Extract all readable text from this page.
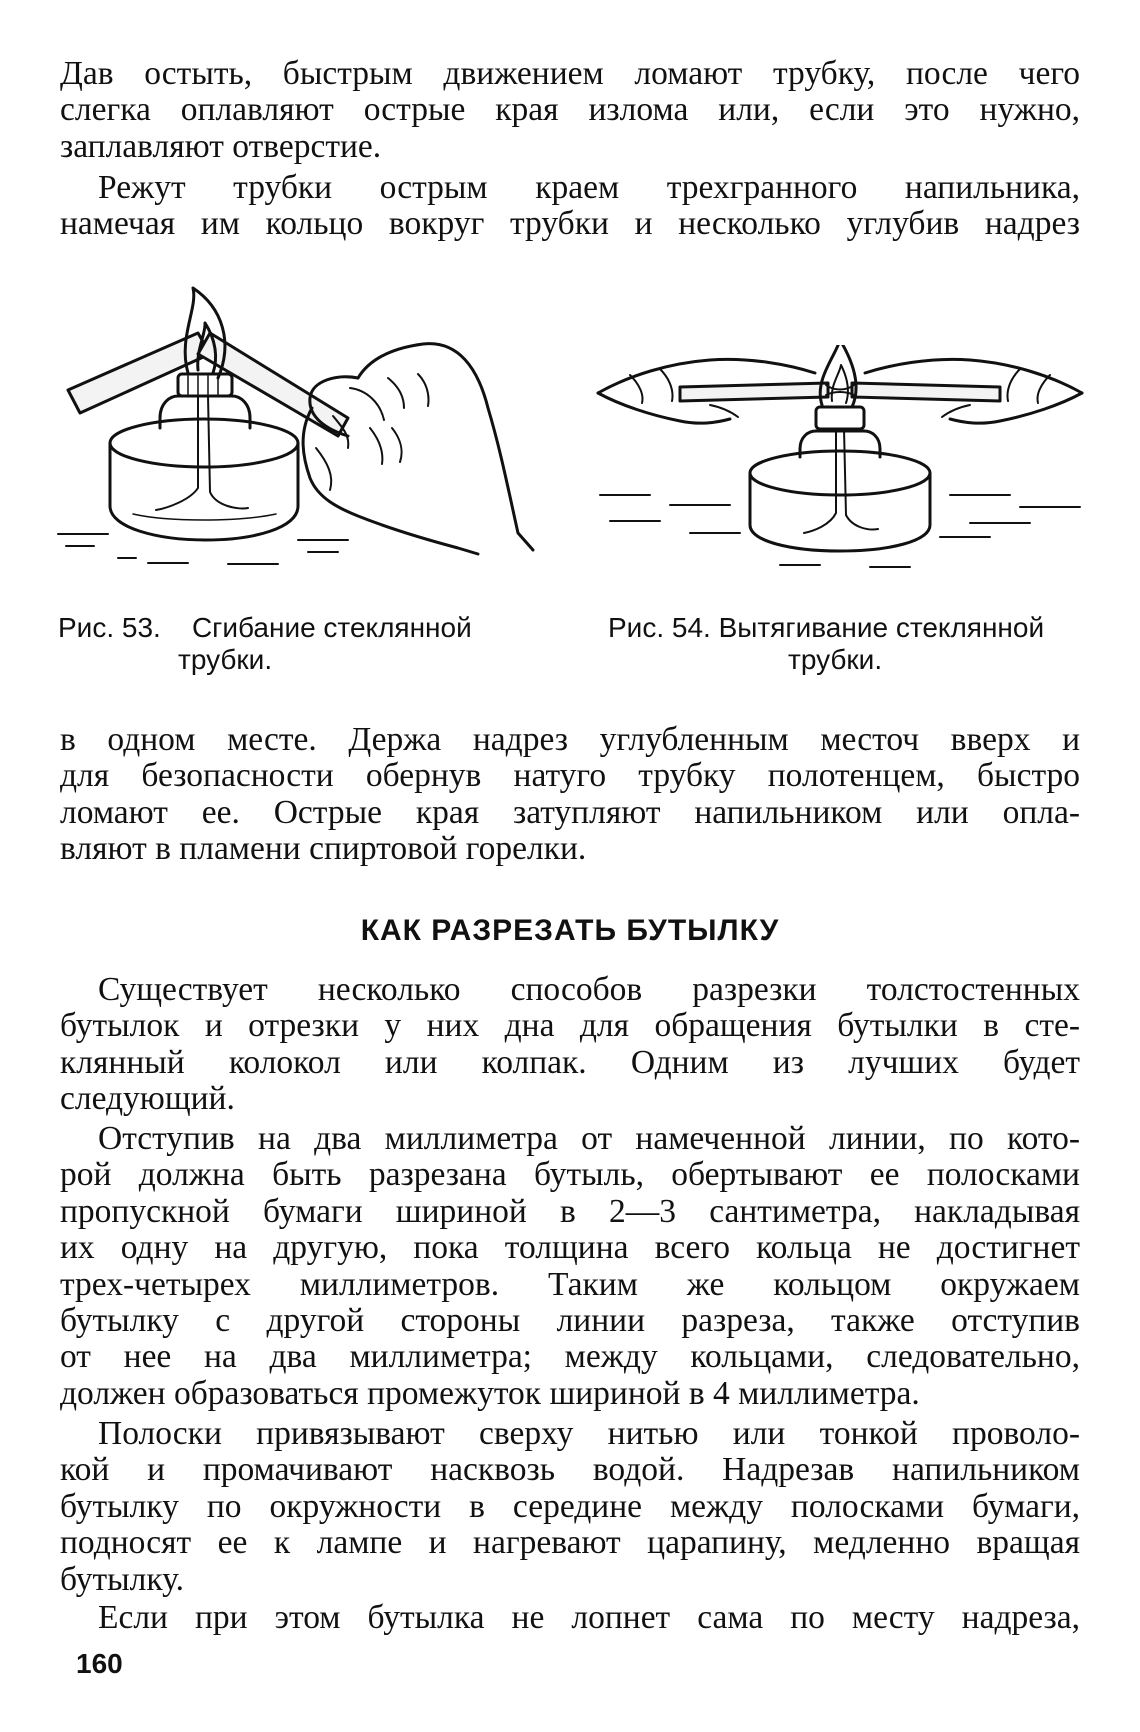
Дав остыть, быстрым движением ломают трубку, после чего
слегка оплавляют острые края излома или, если это нужно,
заплавляют отверстие.
Режут трубки острым краем трехгранного напильника,
намечая им кольцо вокруг трубки и несколько углубив надрез
Рис. 53. Сгибание стеклянной
трубки.
Рис. 54. Вытягивание стеклянной
трубки.
в одном месте. Держа надрез углубленным месточ вверх и
для безопасности обернув натуго трубку полотенцем, быстро
ломают ее. Острые края затупляют напильником или опла-
вляют в пламени спиртовой горелки.
КАК РАЗРЕЗАТЬ БУТЫЛКУ
Существует несколько способов разрезки толстостенных
бутылок и отрезки у них дна для обращения бутылки в сте-
клянный колокол или колпак. Одним из лучших будет
следующий.
Отступив на два миллиметра от намеченной линии, по кото-
рой должна быть разрезана бутыль, обертывают ее полосками
пропускной бумаги шириной в 2—3 сантиметра, накладывая
их одну на другую, пока толщина всего кольца не достигнет
трех-четырех миллиметров. Таким же кольцом окружаем
бутылку с другой стороны линии разреза, также отступив
от нее на два миллиметра; между кольцами, следовательно,
должен образоваться промежуток шириной в 4 миллиметра.
Полоски привязывают сверху нитью или тонкой проволо-
кой и промачивают насквозь водой. Надрезав напильником
бутылку по окружности в середине между полосками бумаги,
подносят ее к лампе и нагревают царапину, медленно вращая
бутылку.
Если при этом бутылка не лопнет сама по месту надреза,
160
